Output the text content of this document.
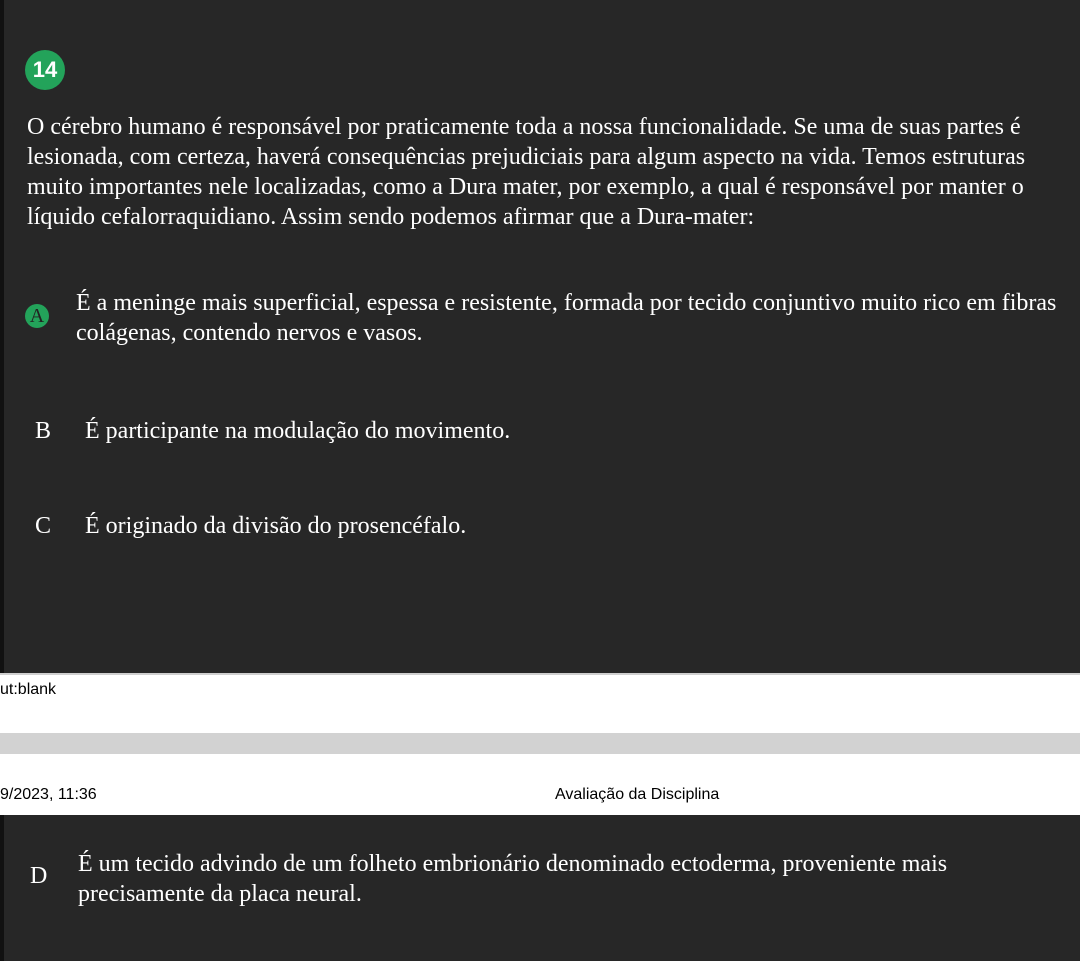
14

O cérebro humano é responsável por praticamente toda a nossa funcionalidade. Se uma de suas partes é lesionada, com certeza, haverá consequências prejudiciais para algum aspecto na vida. Temos estruturas muito importantes nele localizadas, como a Dura mater, por exemplo, a qual é responsável por manter o líquido cefalorraquidiano. Assim sendo podemos afirmar que a Dura-mater:

A É a meninge mais superficial, espessa e resistente, formada por tecido conjuntivo muito rico em fibras colágenas, contendo nervos e vasos.

B É participante na modulação do movimento.

C É originado da divisão do prosencéfalo.

ut:blank
9/2023, 11:36	Avaliação da Disciplina
D É um tecido advindo de um folheto embrionário denominado ectoderma, proveniente mais precisamente da placa neural.
